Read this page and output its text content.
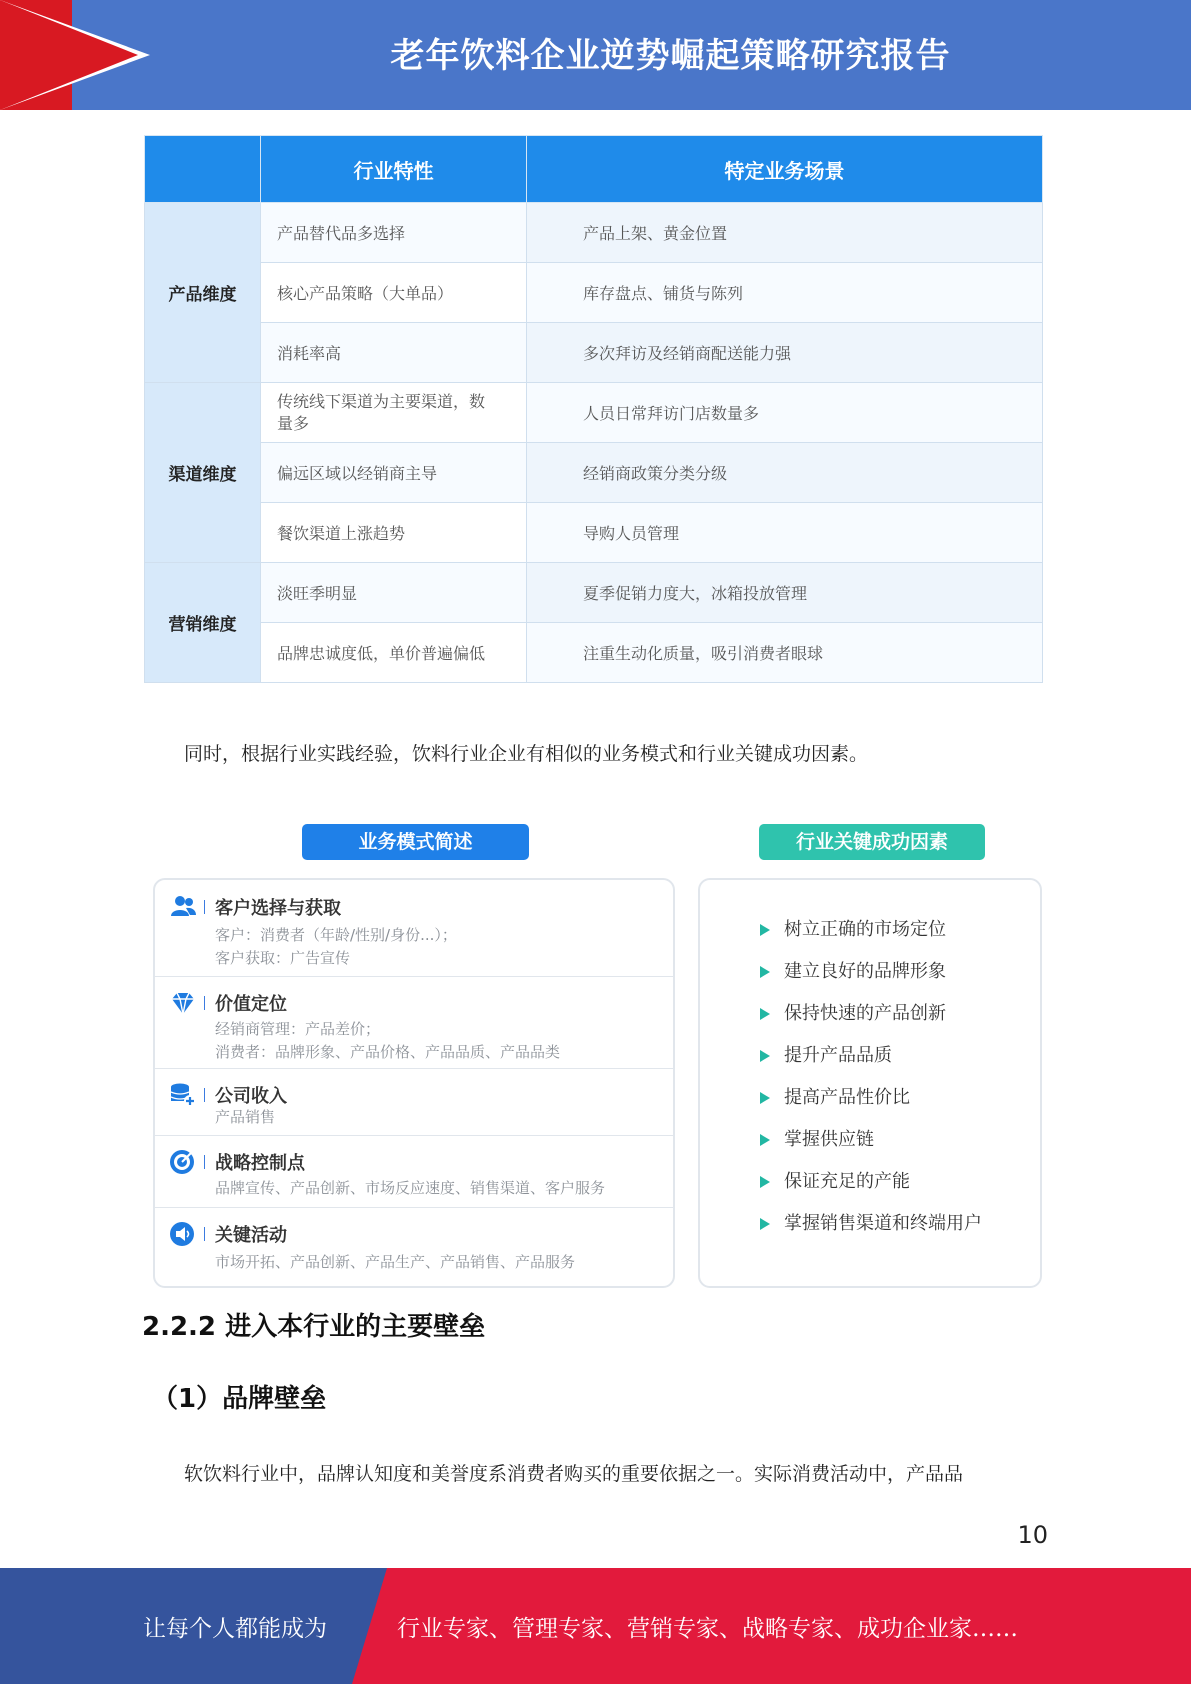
老年饮料企业逆势崛起策略研究报告
	行业特性	特定业务场景
产品维度	产品替代品多选择	产品上架、黄金位置
	核心产品策略（大单品）	库存盘点、铺货与陈列
	消耗率高	多次拜访及经销商配送能力强
渠道维度	传统线下渠道为主要渠道，数量多	人员日常拜访门店数量多
	偏远区域以经销商主导	经销商政策分类分级
	餐饮渠道上涨趋势	导购人员管理
营销维度	淡旺季明显	夏季促销力度大，冰箱投放管理
	品牌忠诚度低，单价普遍偏低	注重生动化质量，吸引消费者眼球
同时，根据行业实践经验，饮料行业企业有相似的业务模式和行业关键成功因素。
业务模式简述	行业关键成功因素
客户选择与获取
客户：消费者（年龄/性别/身份...）；
客户获取：广告宣传
价值定位
经销商管理：产品差价；
消费者：品牌形象、产品价格、产品品质、产品品类
公司收入
产品销售
战略控制点
品牌宣传、产品创新、市场反应速度、销售渠道、客户服务
关键活动
市场开拓、产品创新、产品生产、产品销售、产品服务
树立正确的市场定位
建立良好的品牌形象
保持快速的产品创新
提升产品品质
提高产品性价比
掌握供应链
保证充足的产能
掌握销售渠道和终端用户
2.2.2 进入本行业的主要壁垒
（1）品牌壁垒
软饮料行业中，品牌认知度和美誉度系消费者购买的重要依据之一。实际消费活动中，产品品
10
让每个人都能成为	行业专家、管理专家、营销专家、战略专家、成功企业家……
